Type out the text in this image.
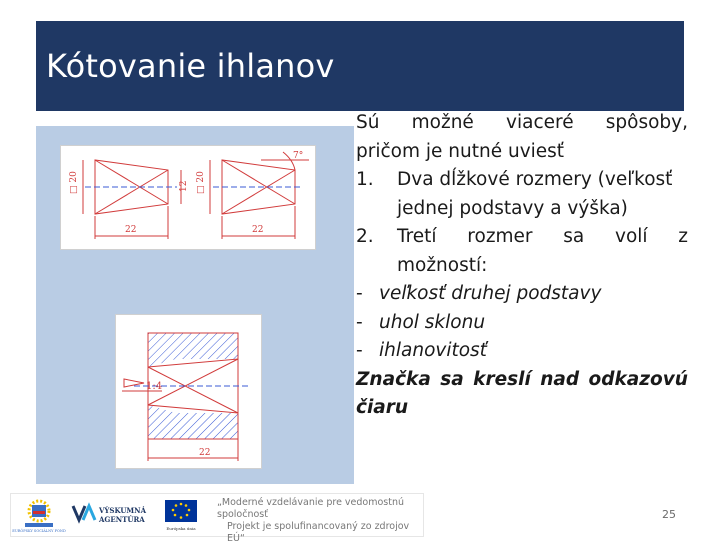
Kótovanie ihlanov
□ 20	12
22
7°
□ 20
22
1:4
22
Sú možné viaceré spôsoby,
pričom je nutné uviesť
1. Dva dĺžkové rozmery (veľkosť
jednej podstavy a výška)
2. Tretí rozmer sa volí z
možností:
- veľkosť druhej podstavy
- uhol sklonu
- ihlanovitosť
Značka sa kreslí nad odkazovú
čiaru
EURÓPSKY SOCIÁLNY FOND
VÝSKUMNÁ
AGENTÚRA
Európska únia
„Moderné vzdelávanie pre vedomostnú spoločnosť
Projekt je spolufinancovaný zo zdrojov EÚ“
25
